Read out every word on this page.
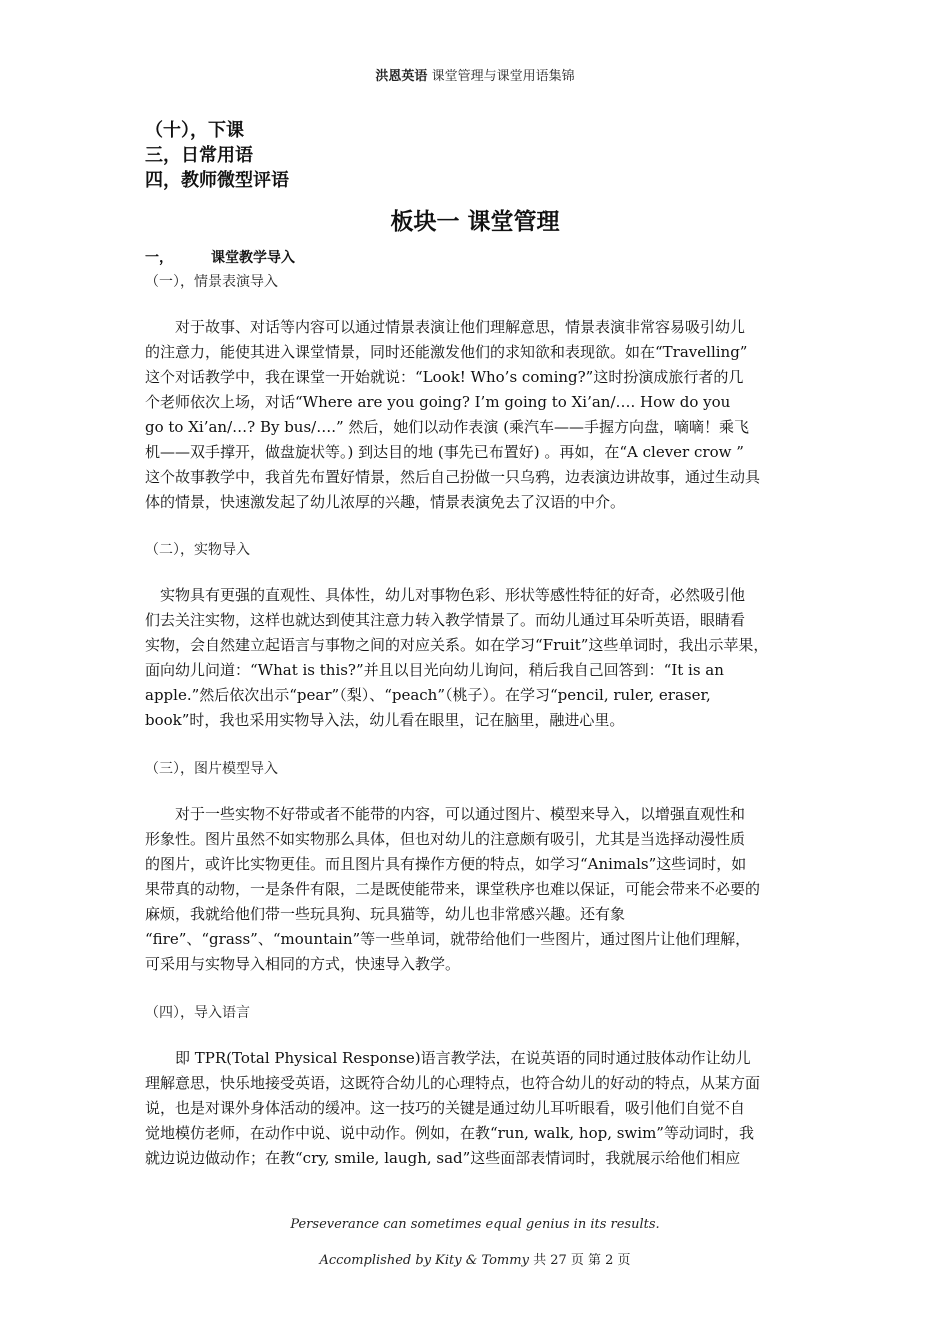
洪恩英语 课堂管理与课堂用语集锦
（十），下课
三，日常用语
四，教师微型评语
板块一 课堂管理
一，	课堂教学导入
（一），情景表演导入
　　对于故事、对话等内容可以通过情景表演让他们理解意思，情景表演非常容易吸引幼儿
的注意力，能使其进入课堂情景，同时还能激发他们的求知欲和表现欲。如在“Travelling”
这个对话教学中，我在课堂一开始就说：“Look! Who’s coming?”这时扮演成旅行者的几
个老师依次上场，对话“Where are you going? I’m going to Xi’an/…. How do you
go to Xi’an/…? By bus/….” 然后，她们以动作表演 (乘汽车——手握方向盘，嘀嘀！乘飞
机——双手撑开，做盘旋状等。) 到达目的地 (事先已布置好) 。再如，在“A clever crow ”
这个故事教学中，我首先布置好情景，然后自己扮做一只乌鸦，边表演边讲故事，通过生动具
体的情景，快速激发起了幼儿浓厚的兴趣，情景表演免去了汉语的中介。
（二），实物导入
　实物具有更强的直观性、具体性，幼儿对事物色彩、形状等感性特征的好奇，必然吸引他
们去关注实物，这样也就达到使其注意力转入教学情景了。而幼儿通过耳朵听英语，眼睛看
实物，会自然建立起语言与事物之间的对应关系。如在学习“Fruit”这些单词时，我出示苹果，
面向幼儿问道：“What is this?”并且以目光向幼儿询问，稍后我自己回答到：“It is an
apple.”然后依次出示“pear”（梨）、“peach”（桃子）。在学习“pencil, ruler, eraser,
book”时，我也采用实物导入法，幼儿看在眼里，记在脑里，融进心里。
（三），图片模型导入
　　对于一些实物不好带或者不能带的内容，可以通过图片、模型来导入，以增强直观性和
形象性。图片虽然不如实物那么具体，但也对幼儿的注意颇有吸引，尤其是当选择动漫性质
的图片，或许比实物更佳。而且图片具有操作方便的特点，如学习“Animals”这些词时，如
果带真的动物，一是条件有限，二是既使能带来，课堂秩序也难以保证，可能会带来不必要的
麻烦，我就给他们带一些玩具狗、玩具猫等，幼儿也非常感兴趣。还有象
“fire”、“grass”、“mountain”等一些单词，就带给他们一些图片，通过图片让他们理解，
可采用与实物导入相同的方式，快速导入教学。
（四），导入语言
　　即 TPR(Total Physical Response)语言教学法，在说英语的同时通过肢体动作让幼儿
理解意思，快乐地接受英语，这既符合幼儿的心理特点，也符合幼儿的好动的特点，从某方面
说，也是对课外身体活动的缓冲。这一技巧的关键是通过幼儿耳听眼看，吸引他们自觉不自
觉地模仿老师，在动作中说、说中动作。例如，在教“run, walk, hop, swim”等动词时，我
就边说边做动作；在教“cry, smile, laugh, sad”这些面部表情词时，我就展示给他们相应
Perseverance can sometimes equal genius in its results.
Accomplished by Kity & Tommy 共 27 页 第 2 页
